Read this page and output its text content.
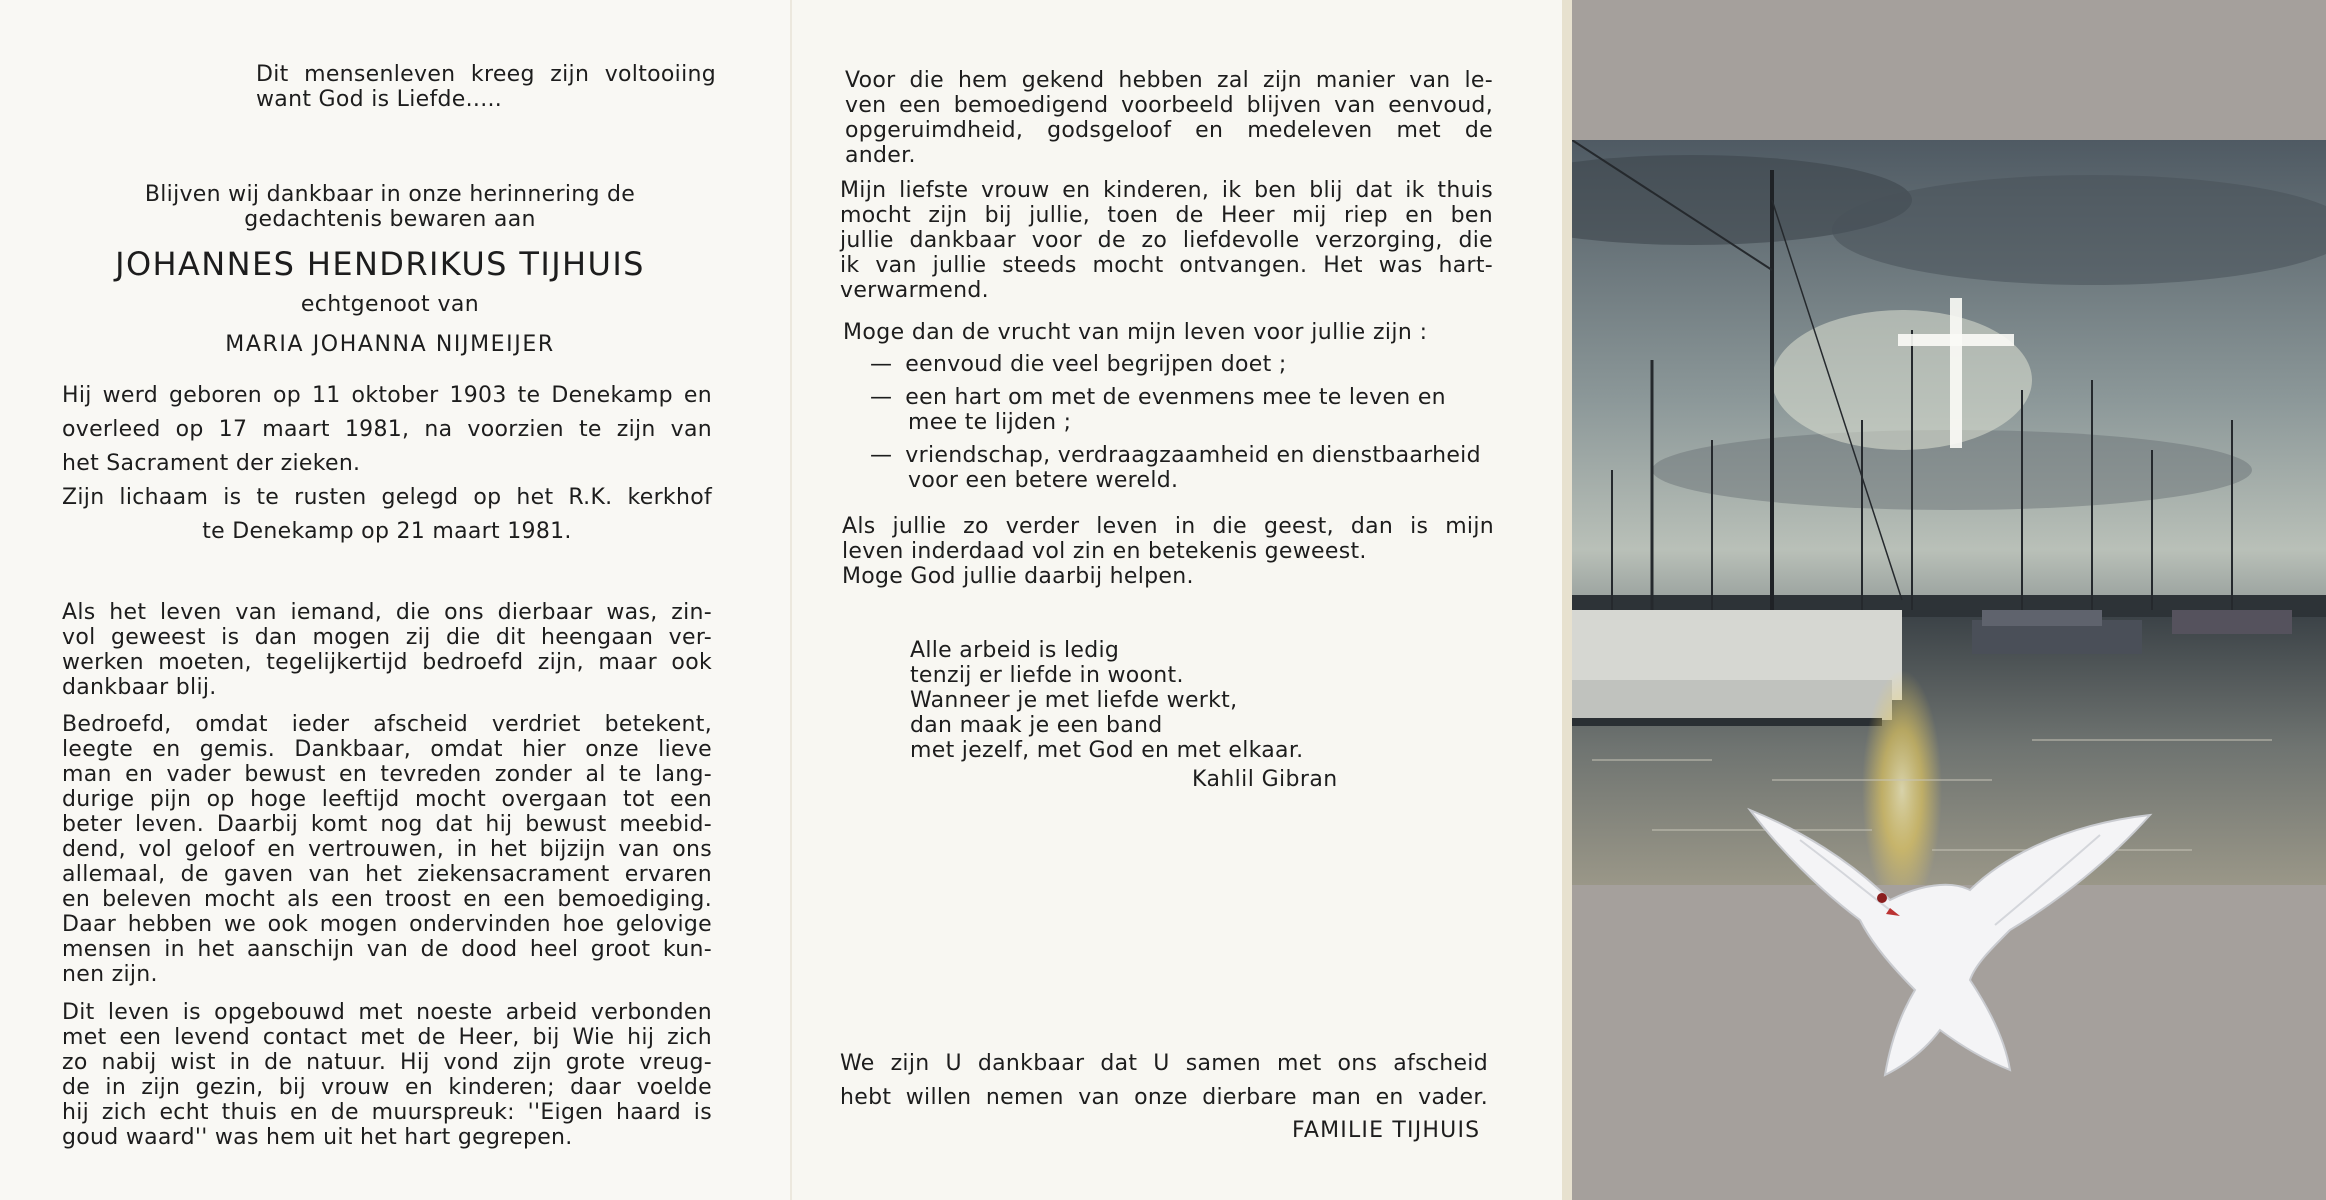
Dit mensenleven kreeg zijn voltooiing
want God is Liefde.....
Blijven wij dankbaar in onze herinnering de
gedachtenis bewaren aan
JOHANNES HENDRIKUS TIJHUIS
echtgenoot van
MARIA JOHANNA NIJMEIJER
Hij werd geboren op 11 oktober 1903 te Denekamp en
overleed op 17 maart 1981, na voorzien te zijn van
het Sacrament der zieken.
Zijn lichaam is te rusten gelegd op het R.K. kerkhof
te Denekamp op 21 maart 1981.
Als het leven van iemand, die ons dierbaar was, zin-
vol geweest is dan mogen zij die dit heengaan ver-
werken moeten, tegelijkertijd bedroefd zijn, maar ook
dankbaar blij.
Bedroefd, omdat ieder afscheid verdriet betekent,
leegte en gemis. Dankbaar, omdat hier onze lieve
man en vader bewust en tevreden zonder al te lang-
durige pijn op hoge leeftijd mocht overgaan tot een
beter leven. Daarbij komt nog dat hij bewust meebid-
dend, vol geloof en vertrouwen, in het bijzijn van ons
allemaal, de gaven van het ziekensacrament ervaren
en beleven mocht als een troost en een bemoediging.
Daar hebben we ook mogen ondervinden hoe gelovige
mensen in het aanschijn van de dood heel groot kun-
nen zijn.
Dit leven is opgebouwd met noeste arbeid verbonden
met een levend contact met de Heer, bij Wie hij zich
zo nabij wist in de natuur. Hij vond zijn grote vreug-
de in zijn gezin, bij vrouw en kinderen; daar voelde
hij zich echt thuis en de muurspreuk: ''Eigen haard is
goud waard'' was hem uit het hart gegrepen.
Voor die hem gekend hebben zal zijn manier van le-
ven een bemoedigend voorbeeld blijven van eenvoud,
opgeruimdheid, godsgeloof en medeleven met de
ander.
Mijn liefste vrouw en kinderen, ik ben blij dat ik thuis
mocht zijn bij jullie, toen de Heer mij riep en ben
jullie dankbaar voor de zo liefdevolle verzorging, die
ik van jullie steeds mocht ontvangen. Het was hart-
verwarmend.
Moge dan de vrucht van mijn leven voor jullie zijn :
— eenvoud die veel begrijpen doet ;
— een hart om met de evenmens mee te leven en
mee te lijden ;
— vriendschap, verdraagzaamheid en dienstbaarheid
voor een betere wereld.
Als jullie zo verder leven in die geest, dan is mijn
leven inderdaad vol zin en betekenis geweest.
Moge God jullie daarbij helpen.
Alle arbeid is ledig
tenzij er liefde in woont.
Wanneer je met liefde werkt,
dan maak je een band
met jezelf, met God en met elkaar.
Kahlil Gibran
We zijn U dankbaar dat U samen met ons afscheid
hebt willen nemen van onze dierbare man en vader.
FAMILIE TIJHUIS
